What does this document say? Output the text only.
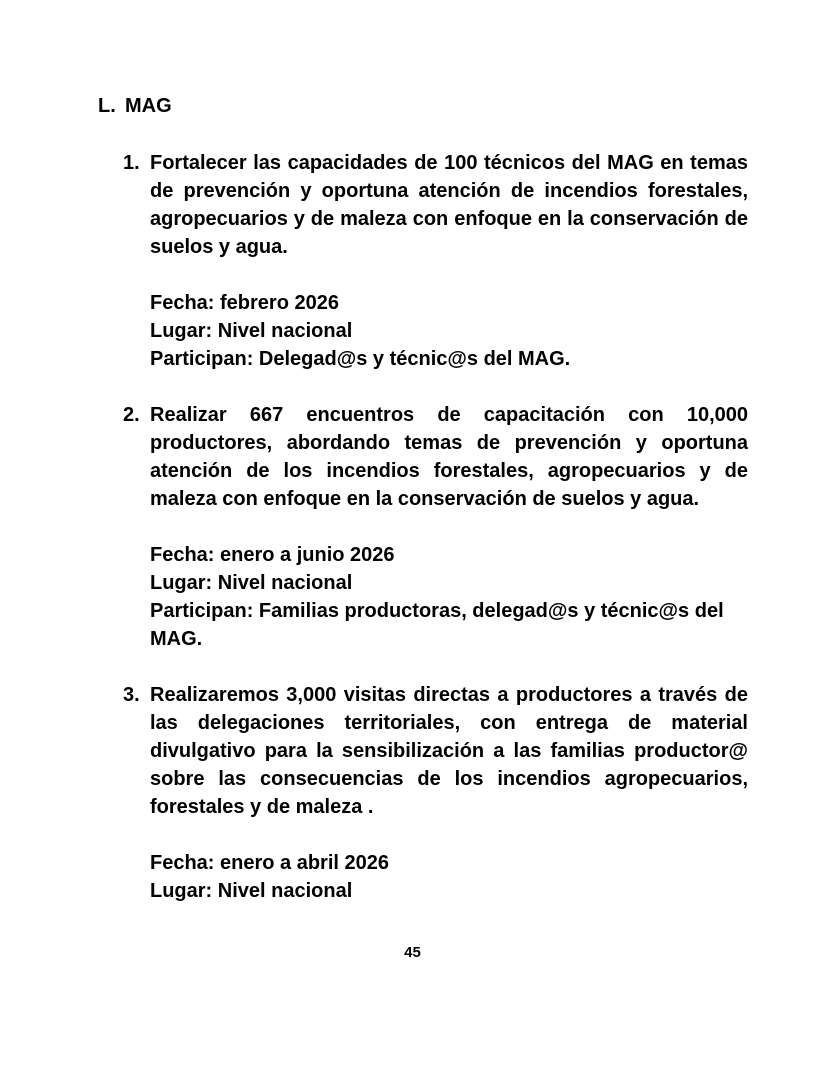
L. MAG
1. Fortalecer las capacidades de 100 técnicos del MAG en temas de prevención y oportuna atención de incendios forestales, agropecuarios y de maleza con enfoque en la conservación de suelos y agua.

Fecha: febrero 2026

Lugar: Nivel nacional

Participan: Delegad@s y técnic@s del MAG.

2. Realizar 667 encuentros de capacitación con 10,000 productores, abordando temas de prevención y oportuna atención de los incendios forestales, agropecuarios y de maleza con enfoque en la conservación de suelos y agua.

Fecha: enero a junio 2026

Lugar: Nivel nacional

Participan: Familias productoras, delegad@s y técnic@s del MAG.

3. Realizaremos 3,000 visitas directas a productores a través de las delegaciones territoriales, con entrega de material divulgativo para la sensibilización a las familias productor@ sobre las consecuencias de los incendios agropecuarios, forestales y de maleza .

Fecha: enero a abril 2026

Lugar: Nivel nacional

45
